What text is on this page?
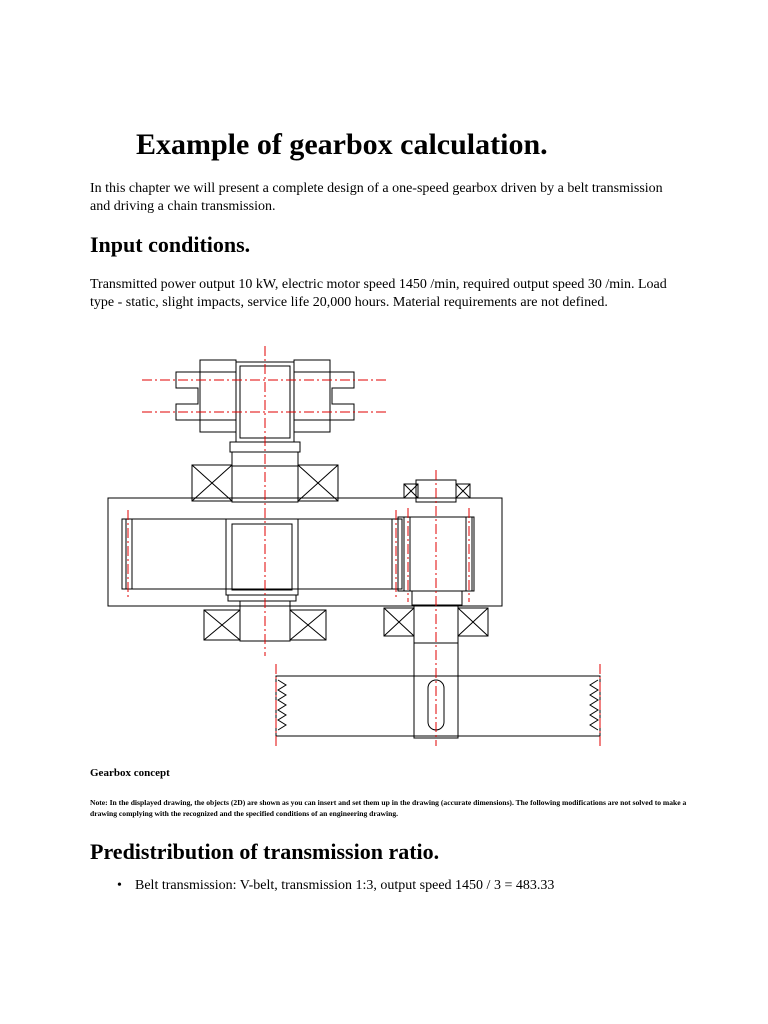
Example of gearbox calculation.

In this chapter we will present a complete design of a one-speed gearbox driven by a belt transmission and driving a chain transmission.

Input conditions.

Transmitted power output 10 kW, electric motor speed 1450 /min, required output speed 30 /min. Load type - static, slight impacts, service life 20,000 hours. Material requirements are not defined.

Gearbox concept

Note: In the displayed drawing, the objects (2D) are shown as you can insert and set them up in the drawing (accurate dimensions). The following modifications are not solved to make a drawing complying with the recognized and the specified conditions of an engineering drawing.

Predistribution of transmission ratio.
• Belt transmission: V-belt, transmission 1:3, output speed 1450 / 3 = 483.33
